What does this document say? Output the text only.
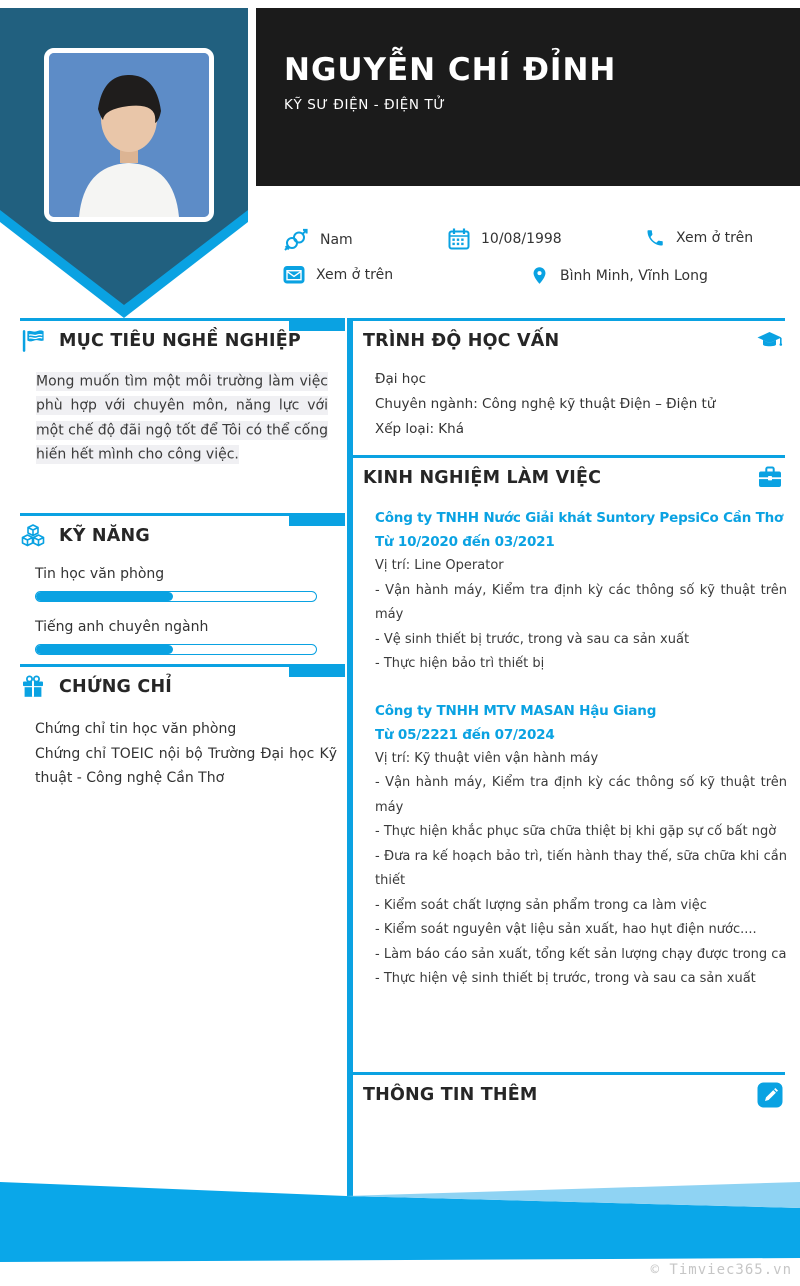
NGUYỄN CHÍ ĐỈNH
KỸ SƯ ĐIỆN - ĐIỆN TỬ
Nam	10/08/1998	Xem ở trên
Xem ở trên	Bình Minh, Vĩnh Long
MỤC TIÊU NGHỀ NGHIỆP

Mong muốn tìm một môi trường làm việc phù hợp với chuyên môn, năng lực với một chế độ đãi ngộ tốt để Tôi có thể cống hiến hết mình cho công việc.

KỸ NĂNG
Tin học văn phòng
Tiếng anh chuyên ngành
CHỨNG CHỈ
Chứng chỉ tin học văn phòng
Chứng chỉ TOEIC nội bộ Trường Đại học Kỹ thuật - Công nghệ Cần Thơ
TRÌNH ĐỘ HỌC VẤN
Đại học
Chuyên ngành: Công nghệ kỹ thuật Điện – Điện tử
Xếp loại: Khá
KINH NGHIỆM LÀM VIỆC
Công ty TNHH Nước Giải khát Suntory PepsiCo Cần Thơ
Từ 10/2020 đến 03/2021
Vị trí: Line Operator
- Vận hành máy, Kiểm tra định kỳ các thông số kỹ thuật trên máy
- Vệ sinh thiết bị trước, trong và sau ca sản xuất
- Thực hiện bảo trì thiết bị
Công ty TNHH MTV MASAN Hậu Giang
Từ 05/2221 đến 07/2024
Vị trí: Kỹ thuật viên vận hành máy
- Vận hành máy, Kiểm tra định kỳ các thông số kỹ thuật trên máy
- Thực hiện khắc phục sữa chữa thiệt bị khi gặp sự cố bất ngờ
- Đưa ra kế hoạch bảo trì, tiến hành thay thế, sữa chữa khi cần thiết
- Kiểm soát chất lượng sản phẩm trong ca làm việc
- Kiểm soát nguyên vật liệu sản xuất, hao hụt điện nước....
- Làm báo cáo sản xuất, tổng kết sản lượng chạy được trong ca
- Thực hiện vệ sinh thiết bị trước, trong và sau ca sản xuất
THÔNG TIN THÊM
© Timviec365.vn
